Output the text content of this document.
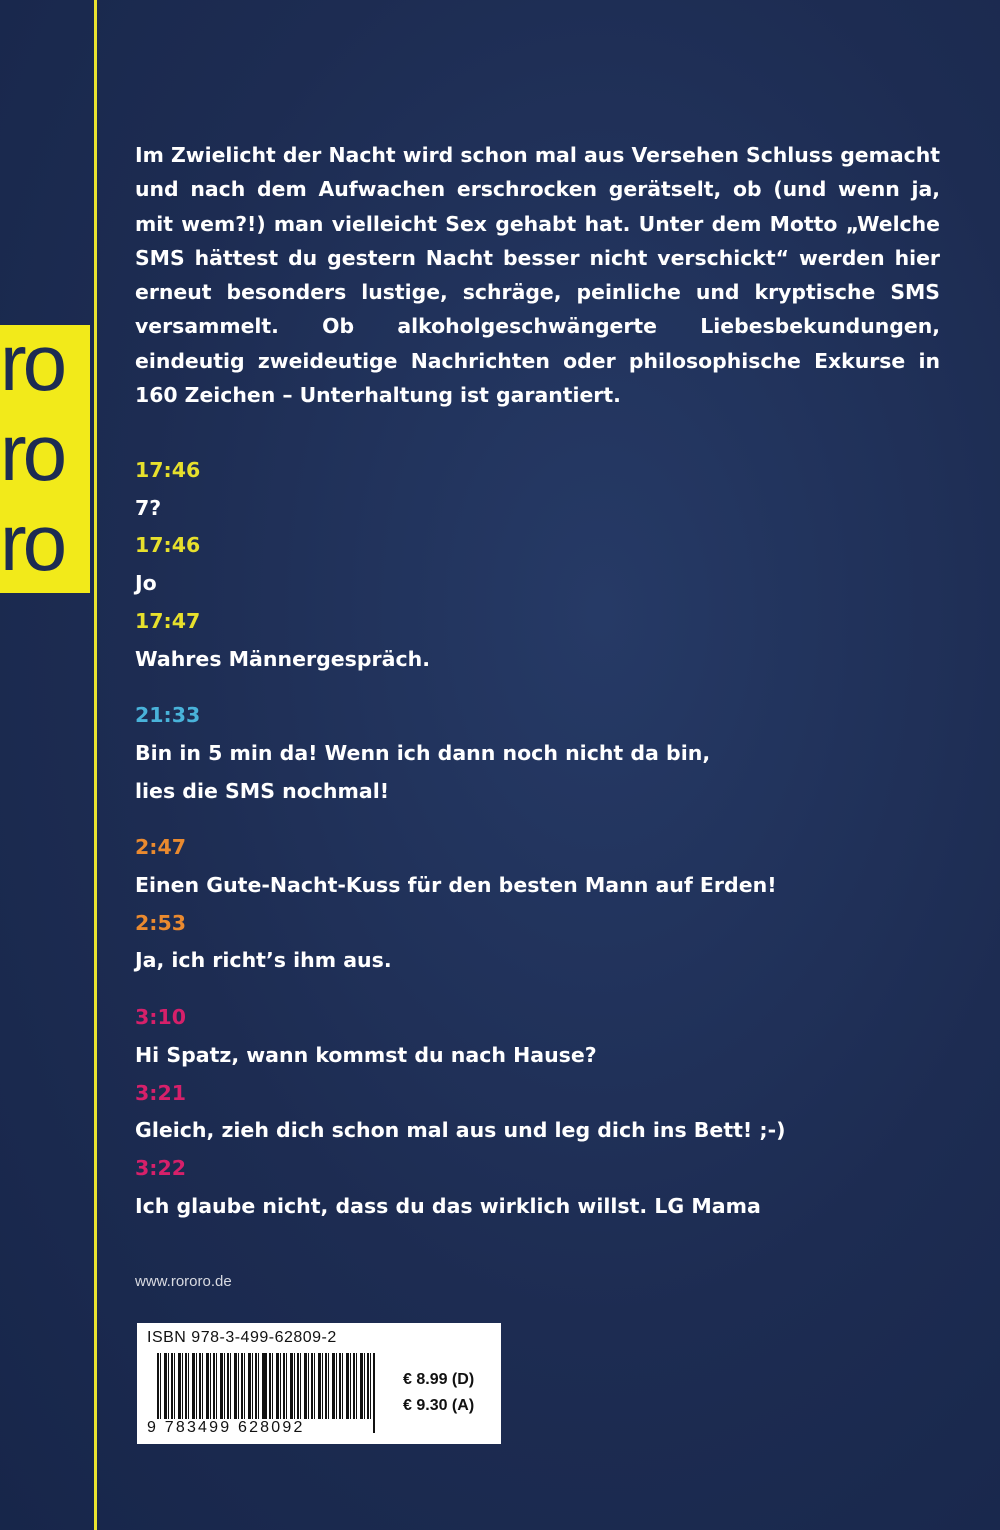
ro
ro
ro

Im Zwielicht der Nacht wird schon mal aus Versehen Schluss gemacht und nach dem Aufwachen erschrocken gerätselt, ob (und wenn ja, mit wem?!) man vielleicht Sex gehabt hat. Unter dem Motto „Welche SMS hättest du gestern Nacht besser nicht verschickt“ werden hier erneut besonders lustige, schräge, peinliche und kryptische SMS versammelt. Ob alkoholgeschwängerte Liebesbekundungen, eindeutig zweideutige Nachrichten oder philosophische Exkurse in 160 Zeichen – Unterhaltung ist garantiert.

17:46
7?
17:46
Jo
17:47
Wahres Männergespräch.
21:33
Bin in 5 min da! Wenn ich dann noch nicht da bin,
lies die SMS nochmal!
2:47
Einen Gute-Nacht-Kuss für den besten Mann auf Erden!
2:53
Ja, ich richt’s ihm aus.
3:10
Hi Spatz, wann kommst du nach Hause?
3:21
Gleich, zieh dich schon mal aus und leg dich ins Bett! ;-)
3:22
Ich glaube nicht, dass du das wirklich willst. LG Mama
www.rororo.de
ISBN 978-3-499-62809-2
9 783499 628092
€ 8.99 (D)
€ 9.30 (A)
